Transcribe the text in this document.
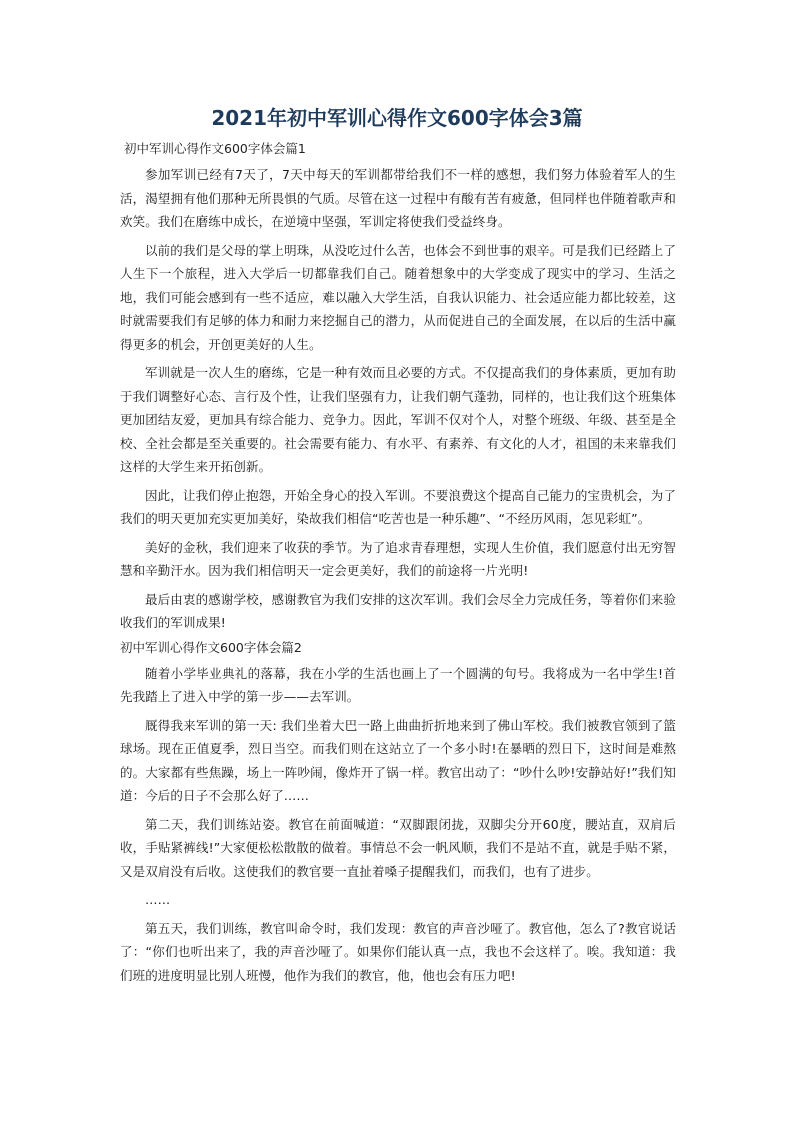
2021年初中军训心得作文600字体会3篇

初中军训心得作文600字体会篇1

参加军训已经有7天了，7天中每天的军训都带给我们不一样的感想，我们努力体验着军人的生活，渴望拥有他们那种无所畏惧的气质。尽管在这一过程中有酸有苦有疲惫，但同样也伴随着歌声和欢笑。我们在磨练中成长，在逆境中坚强，军训定将使我们受益终身。

以前的我们是父母的掌上明珠，从没吃过什么苦，也体会不到世事的艰辛。可是我们已经踏上了人生下一个旅程，进入大学后一切都靠我们自己。随着想象中的大学变成了现实中的学习、生活之地，我们可能会感到有一些不适应，难以融入大学生活，自我认识能力、社会适应能力都比较差，这时就需要我们有足够的体力和耐力来挖掘自己的潜力，从而促进自己的全面发展，在以后的生活中赢得更多的机会，开创更美好的人生。

军训就是一次人生的磨练，它是一种有效而且必要的方式。不仅提高我们的身体素质，更加有助于我们调整好心态、言行及个性，让我们坚强有力，让我们朝气蓬勃，同样的，也让我们这个班集体更加团结友爱，更加具有综合能力、竞争力。因此，军训不仅对个人，对整个班级、年级、甚至是全校、全社会都是至关重要的。社会需要有能力、有水平、有素养、有文化的人才，祖国的未来靠我们这样的大学生来开拓创新。

因此，让我们停止抱怨，开始全身心的投入军训。不要浪费这个提高自己能力的宝贵机会，为了我们的明天更加充实更加美好，染故我们相信“吃苦也是一种乐趣”、“不经历风雨，怎见彩虹”。

美好的金秋，我们迎来了收获的季节。为了追求青春理想，实现人生价值，我们愿意付出无穷智慧和辛勤汗水。因为我们相信明天一定会更美好，我们的前途将一片光明!

最后由衷的感谢学校，感谢教官为我们安排的这次军训。我们会尽全力完成任务，等着你们来验收我们的军训成果!

初中军训心得作文600字体会篇2

随着小学毕业典礼的落幕，我在小学的生活也画上了一个圆满的句号。我将成为一名中学生!首先我踏上了进入中学的第一步——去军训。

厩得我来军训的第一天: 我们坐着大巴一路上曲曲折折地来到了佛山军校。我们被教官领到了篮球场。现在正值夏季，烈日当空。而我们则在这站立了一个多小时!在暴晒的烈日下，这时间是难熬的。大家都有些焦躁，场上一阵吵闹，像炸开了锅一样。教官出动了：“吵什么吵!安静站好!”我们知道：今后的日子不会那么好了……

第二天，我们训练站姿。教官在前面喊道：“双脚跟闭拢，双脚尖分开60度，腰站直，双肩后收，手贴紧裤线!”大家便松松散散的做着。事情总不会一帆风顺，我们不是站不直，就是手贴不紧，又是双肩没有后收。这使我们的教官要一直扯着嗓子提醒我们，而我们，也有了进步。

……

第五天，我们训练，教官叫命令时，我们发现：教官的声音沙哑了。教官他，怎么了?教官说话了：“你们也听出来了，我的声音沙哑了。如果你们能认真一点，我也不会这样了。唉。我知道：我们班的进度明显比别人班慢，他作为我们的教官，他，他也会有压力吧!
